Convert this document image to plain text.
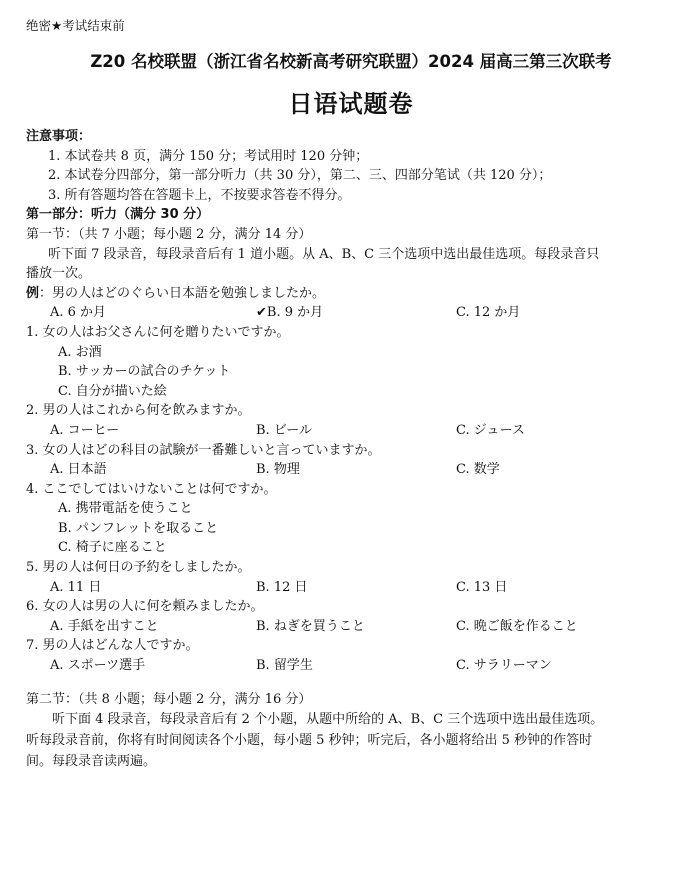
绝密★考试结束前
Z20 名校联盟（浙江省名校新高考研究联盟）2024 届高三第三次联考
日语试题卷
注意事项：
1. 本试卷共 8 页，满分 150 分；考试用时 120 分钟；
2. 本试卷分四部分，第一部分听力（共 30 分），第二、三、四部分笔试（共 120 分）；
3. 所有答题均答在答题卡上，不按要求答卷不得分。
第一部分：听力（满分 30 分）
第一节：（共 7 小题；每小题 2 分，满分 14 分）
听下面 7 段录音，每段录音后有 1 道小题。从 A、B、C 三个选项中选出最佳选项。每段录音只
播放一次。
例：男の人はどのぐらい日本語を勉強しましたか。
A. 6 か月	✔B. 9 か月	C. 12 か月
1. 女の人はお父さんに何を贈りたいですか。
A. お酒
B. サッカーの試合のチケット
C. 自分が描いた絵
2. 男の人はこれから何を飲みますか。
A. コーヒー	B. ビール	C. ジュース
3. 女の人はどの科目の試験が一番難しいと言っていますか。
A. 日本語	B. 物理	C. 数学
4. ここでしてはいけないことは何ですか。
A. 携帯電話を使うこと
B. パンフレットを取ること
C. 椅子に座ること
5. 男の人は何日の予約をしましたか。
A. 11 日	B. 12 日	C. 13 日
6. 女の人は男の人に何を頼みましたか。
A. 手紙を出すこと	B. ねぎを買うこと	C. 晩ご飯を作ること
7. 男の人はどんな人ですか。
A. スポーツ選手	B. 留学生	C. サラリーマン
第二节：（共 8 小题；每小题 2 分，满分 16 分）
听下面 4 段录音，每段录音后有 2 个小题，从题中所给的 A、B、C 三个选项中选出最佳选项。
听每段录音前，你将有时间阅读各个小题，每小题 5 秒钟；听完后，各小题将给出 5 秒钟的作答时
间。每段录音读两遍。
